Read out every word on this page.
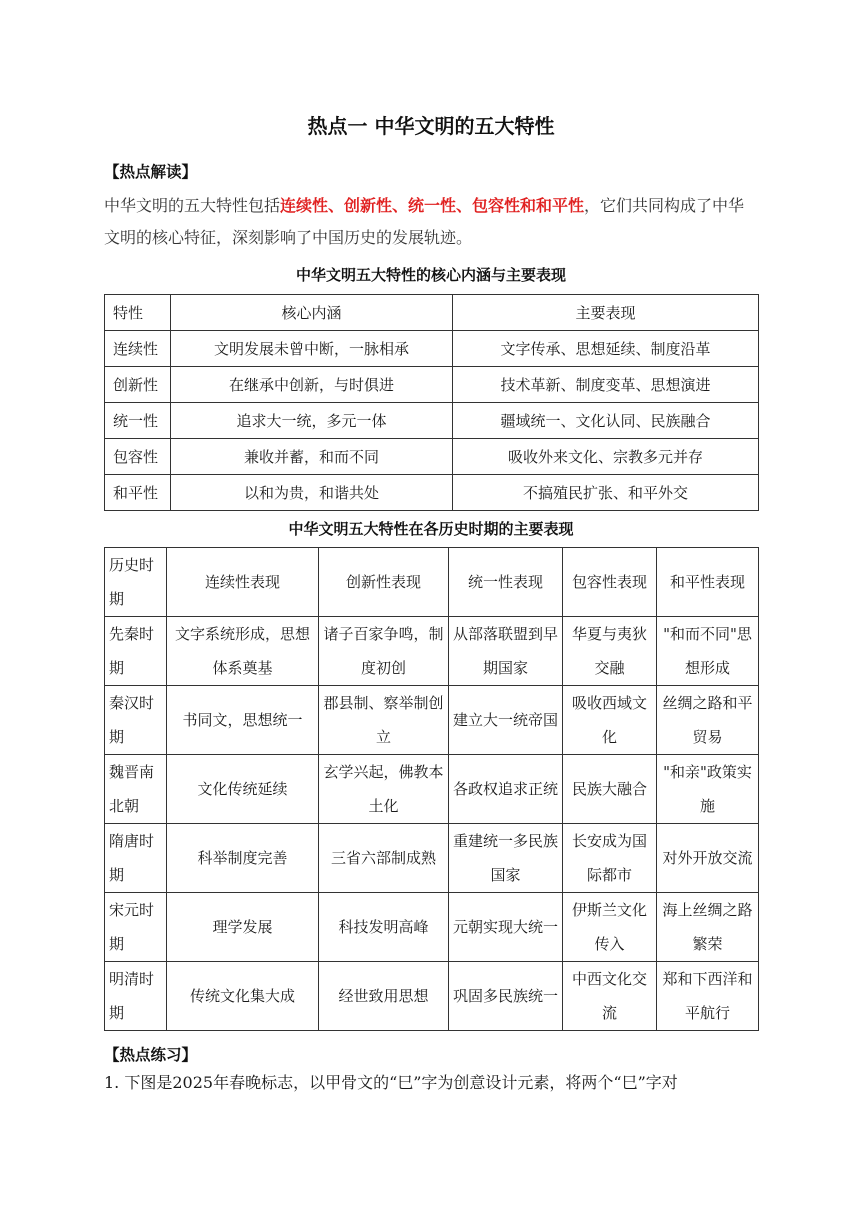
热点一 中华文明的五大特性
【热点解读】
中华文明的五大特性包括连续性、创新性、统一性、包容性和和平性，它们共同构成了中华文明的核心特征，深刻影响了中国历史的发展轨迹。
中华文明五大特性的核心内涵与主要表现
特性	核心内涵	主要表现
连续性	文明发展未曾中断，一脉相承	文字传承、思想延续、制度沿革
创新性	在继承中创新，与时俱进	技术革新、制度变革、思想演进
统一性	追求大一统，多元一体	疆域统一、文化认同、民族融合
包容性	兼收并蓄，和而不同	吸收外来文化、宗教多元并存
和平性	以和为贵，和谐共处	不搞殖民扩张、和平外交
中华文明五大特性在各历史时期的主要表现
历史时期	连续性表现	创新性表现	统一性表现	包容性表现	和平性表现
先秦时期	文字系统形成，思想体系奠基	诸子百家争鸣，制度初创	从部落联盟到早期国家	华夏与夷狄交融	"和而不同"思想形成
秦汉时期	书同文，思想统一	郡县制、察举制创立	建立大一统帝国	吸收西域文化	丝绸之路和平贸易
魏晋南北朝	文化传统延续	玄学兴起，佛教本土化	各政权追求正统	民族大融合	"和亲"政策实施
隋唐时期	科举制度完善	三省六部制成熟	重建统一多民族国家	长安成为国际都市	对外开放交流
宋元时期	理学发展	科技发明高峰	元朝实现大统一	伊斯兰文化传入	海上丝绸之路繁荣
明清时期	传统文化集大成	经世致用思想	巩固多民族统一	中西文化交流	郑和下西洋和平航行
【热点练习】
1. 下图是2025年春晚标志，以甲骨文的“巳”字为创意设计元素，将两个“巳”字对
